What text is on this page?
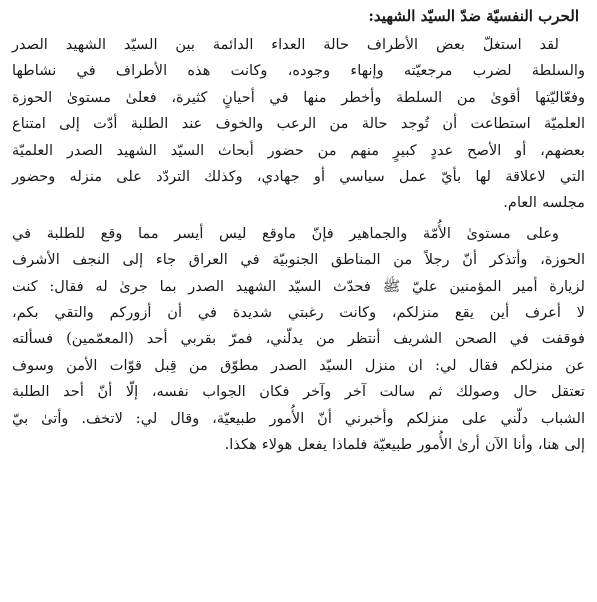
الحرب النفسيّة ضدّ السيّد الشهيد:
لقد استغلّ بعض الأطراف حالة العداء الدائمة بين السيّد الشهيد الصدر
والسلطة لضرب مرجعيّته وإنهاء وجوده، وكانت هذه الأطراف في نشاطها
وفعّاليّتها أقوىٰ من السلطة وأخطر منها في أحيانٍ كثيرة، فعلىٰ مستوىٰ الحوزة
العلميّة استطاعت أن تُوجد حالة من الرعب والخوف عند الطلبة أدّت إلى امتناع
بعضهم، أو الأصح عددٍ كبيرٍ منهم من حضور أبحاث السيّد الشهيد الصدر العلميّة
التي لاعلاقة لها بأيّ عمل سياسي أو جهادي، وكذلك التردّد على منزله وحضور
مجلسه العام.
وعلى مستوىٰ الأُمّة والجماهير فإنّ ماوقع ليس أيسر مما وقع للطلبة في
الحوزة، وأتذكر أنّ رجلاً من المناطق الجنوبيّة في العراق جاء إلى النجف الأشرف
لزيارة أمير المؤمنين عليّ ﷺ فحدّث السيّد الشهيد الصدر بما جرىٰ له فقال: كنت
لا أعرف أين يقع منزلكم، وكانت رغبتي شديدة في أن أزوركم والتقي بكم،
فوقفت في الصحن الشريف أنتظر من يدلّني، فمرّ بقربي أحد (المعمّمين) فسألته
عن منزلكم فقال لي: ان منزل السيّد الصدر مطوّق من قِبل قوّات الأمن وسوف
تعتقل حال وصولك ثم سالت آخر وآخر فكان الجواب نفسه، إلّا أنّ أحد الطلبة
الشباب دلّني على منزلكم وأخبرني أنّ الأُمور طبيعيّة، وقال لي: لاتخف. وأتىٰ بيّ
إلى هنا، وأنا الآن أرىٰ الأُمور طبيعيّة فلماذا يفعل هولاء هكذا.
